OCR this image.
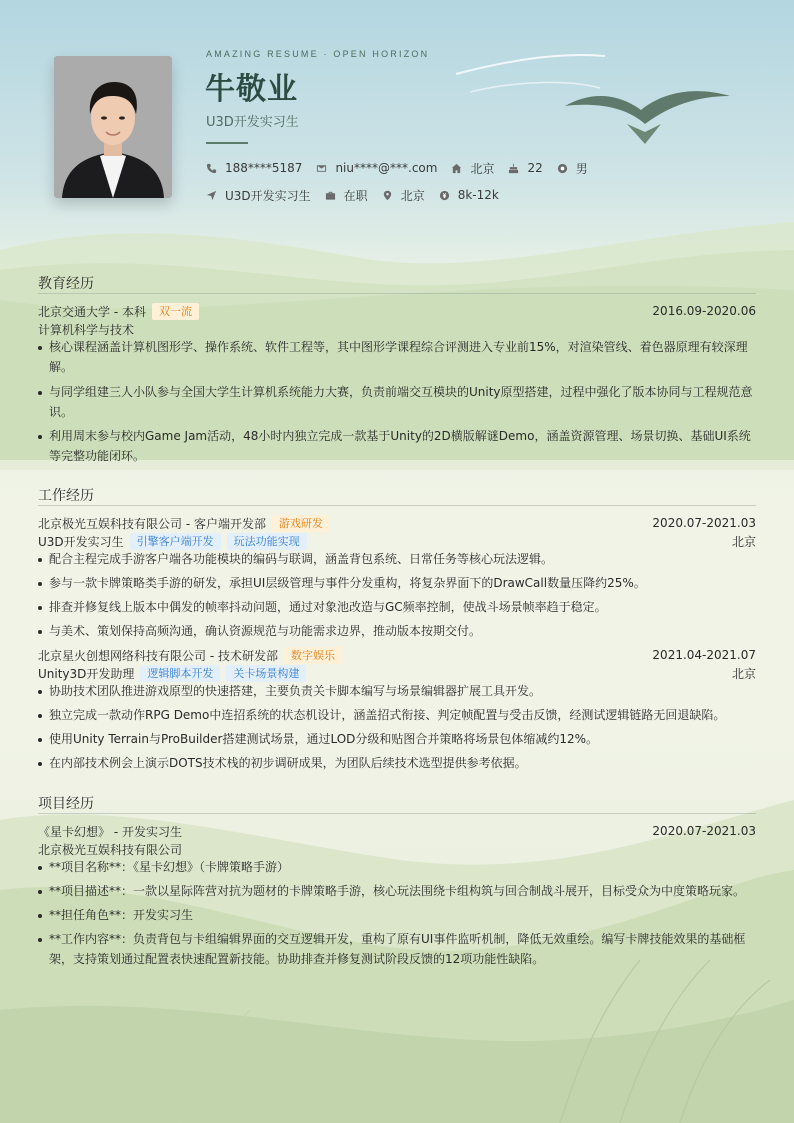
AMAZING RESUME · OPEN HORIZON
牛敬业
U3D开发实习生
188****5187	niu****@***.com	北京	22	男
U3D开发实习生	在职	北京	8k-12k
教育经历
北京交通大学 - 本科	双一流	2016.09-2020.06
计算机科学与技术
核心课程涵盖计算机图形学、操作系统、软件工程等，其中图形学课程综合评测进入专业前15%，对渲染管线、着色器原理有较深理解。
与同学组建三人小队参与全国大学生计算机系统能力大赛，负责前端交互模块的Unity原型搭建，过程中强化了版本协同与工程规范意识。
利用周末参与校内Game Jam活动，48小时内独立完成一款基于Unity的2D横版解谜Demo，涵盖资源管理、场景切换、基础UI系统等完整功能闭环。
工作经历
北京极光互娱科技有限公司 - 客户端开发部	游戏研发	2020.07-2021.03
U3D开发实习生	引擎客户端开发	玩法功能实现	北京
配合主程完成手游客户端各功能模块的编码与联调，涵盖背包系统、日常任务等核心玩法逻辑。
参与一款卡牌策略类手游的研发，承担UI层级管理与事件分发重构，将复杂界面下的DrawCall数量压降约25%。
排查并修复线上版本中偶发的帧率抖动问题，通过对象池改造与GC频率控制，使战斗场景帧率趋于稳定。
与美术、策划保持高频沟通，确认资源规范与功能需求边界，推动版本按期交付。
北京星火创想网络科技有限公司 - 技术研发部	数字娱乐	2021.04-2021.07
Unity3D开发助理	逻辑脚本开发	关卡场景构建	北京
协助技术团队推进游戏原型的快速搭建，主要负责关卡脚本编写与场景编辑器扩展工具开发。
独立完成一款动作RPG Demo中连招系统的状态机设计，涵盖招式衔接、判定帧配置与受击反馈，经测试逻辑链路无回退缺陷。
使用Unity Terrain与ProBuilder搭建测试场景，通过LOD分级和贴图合并策略将场景包体缩减约12%。
在内部技术例会上演示DOTS技术栈的初步调研成果，为团队后续技术选型提供参考依据。
项目经历
《星卡幻想》 - 开发实习生	2020.07-2021.03
北京极光互娱科技有限公司
**项目名称**：《星卡幻想》（卡牌策略手游）
**项目描述**：一款以星际阵营对抗为题材的卡牌策略手游，核心玩法围绕卡组构筑与回合制战斗展开，目标受众为中度策略玩家。
**担任角色**：开发实习生
**工作内容**：负责背包与卡组编辑界面的交互逻辑开发，重构了原有UI事件监听机制，降低无效重绘。编写卡牌技能效果的基础框架，支持策划通过配置表快速配置新技能。协助排查并修复测试阶段反馈的12项功能性缺陷。
